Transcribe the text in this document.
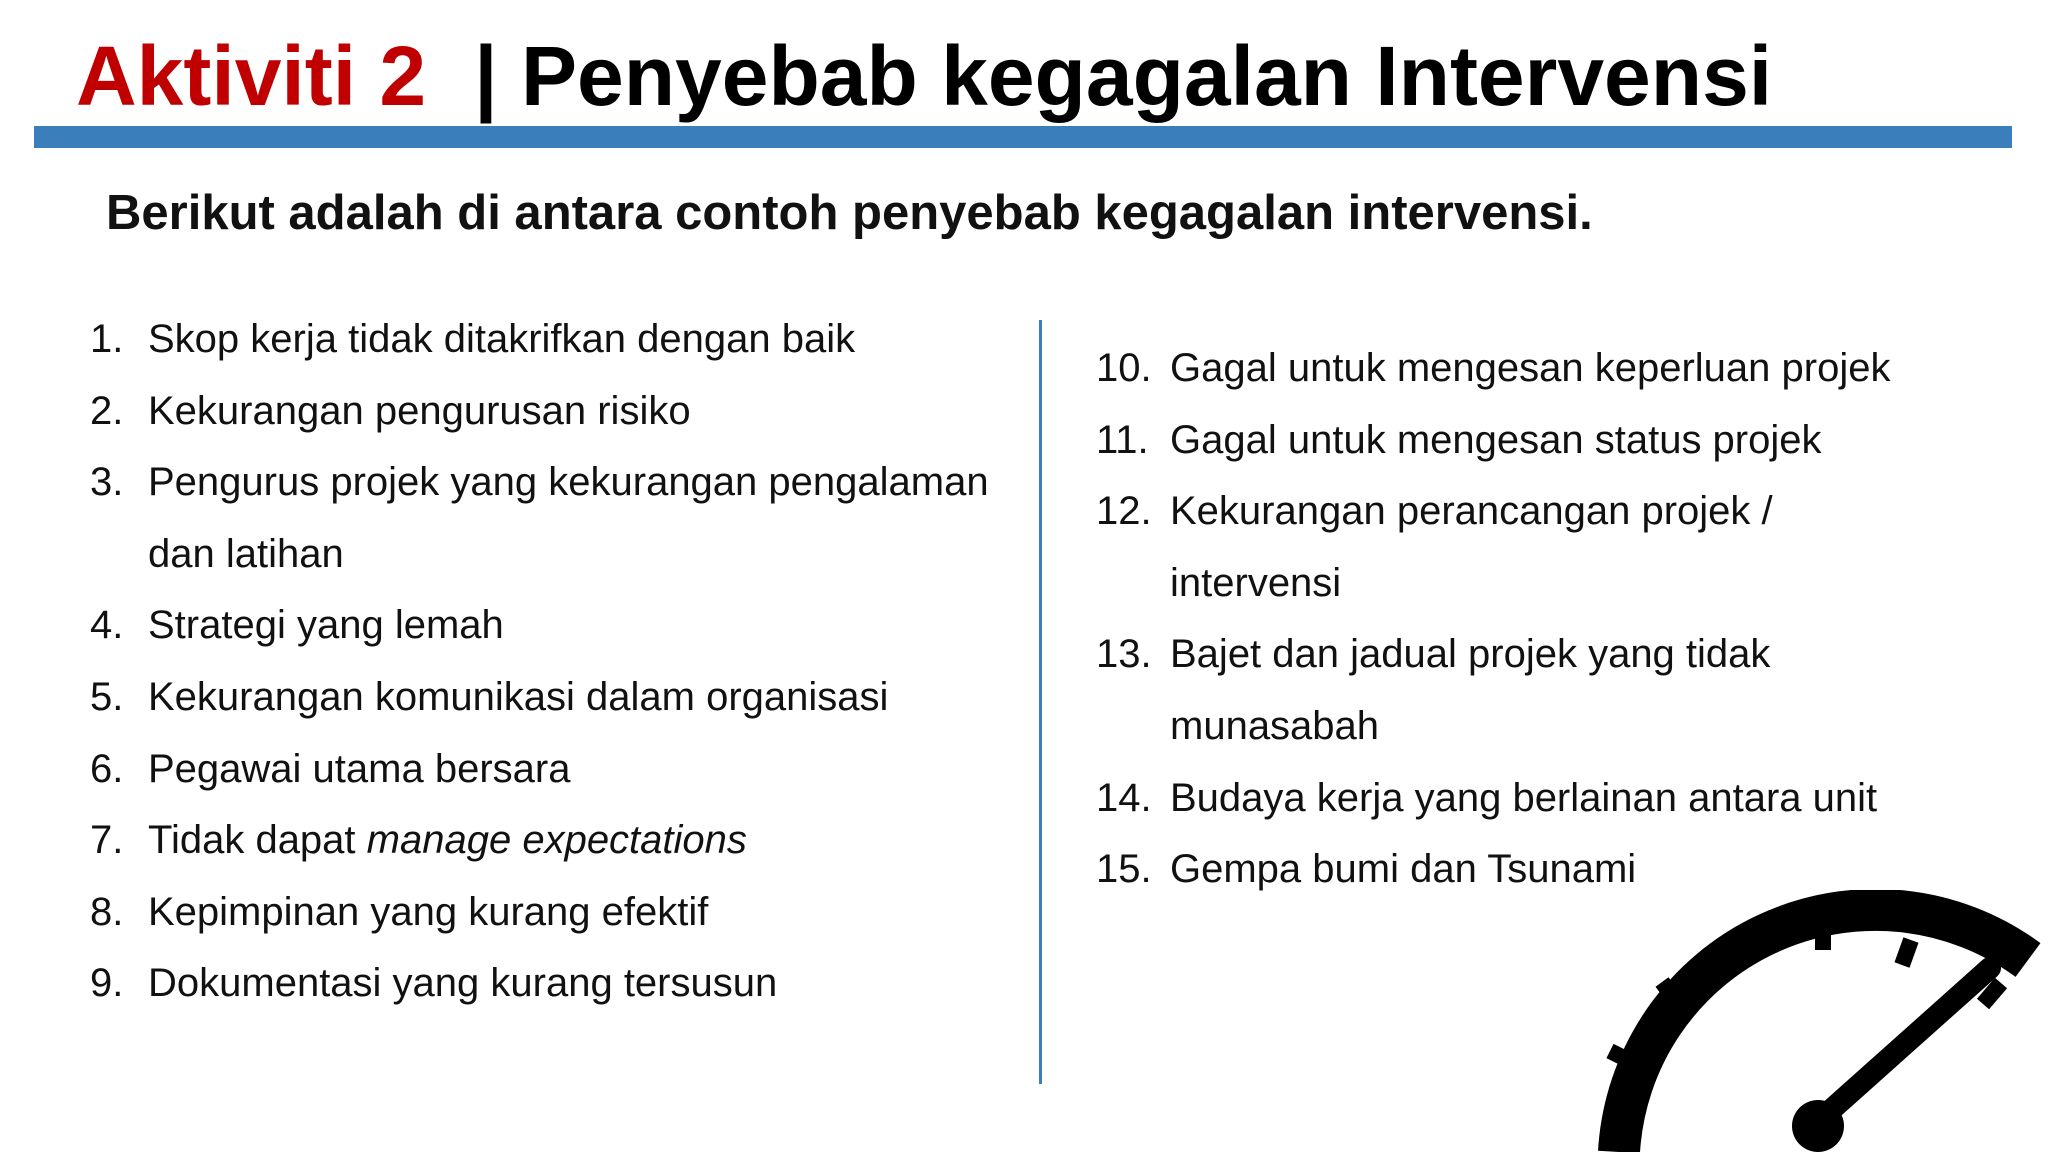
Aktiviti 2 | Penyebab kegagalan Intervensi
Berikut adalah di antara contoh penyebab kegagalan intervensi.
1. Skop kerja tidak ditakrifkan dengan baik
2. Kekurangan pengurusan risiko
3. Pengurus projek yang kekurangan pengalaman
dan latihan
4. Strategi yang lemah
5. Kekurangan komunikasi dalam organisasi
6. Pegawai utama bersara
7. Tidak dapat manage expectations
8. Kepimpinan yang kurang efektif
9. Dokumentasi yang kurang tersusun
10. Gagal untuk mengesan keperluan projek
11. Gagal untuk mengesan status projek
12. Kekurangan perancangan projek /
intervensi
13. Bajet dan jadual projek yang tidak
munasabah
14. Budaya kerja yang berlainan antara unit
15. Gempa bumi dan Tsunami
